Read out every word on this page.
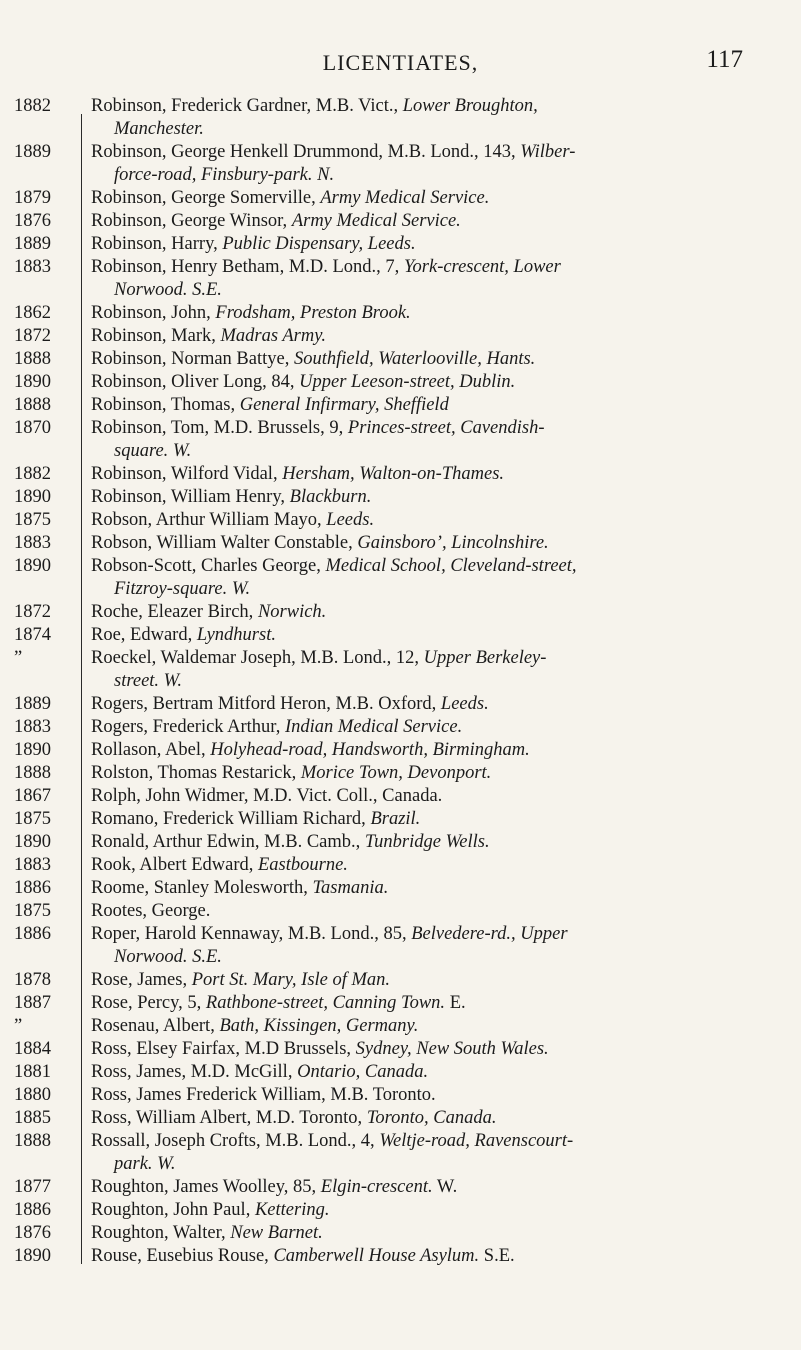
LICENTIATES,	117
1882	Robinson, Frederick Gardner, M.B. Vict., Lower Broughton,
Manchester.
1889	Robinson, George Henkell Drummond, M.B. Lond., 143, Wilber-
force-road, Finsbury-park. N.
1879	Robinson, George Somerville, Army Medical Service.
1876	Robinson, George Winsor, Army Medical Service.
1889	Robinson, Harry, Public Dispensary, Leeds.
1883	Robinson, Henry Betham, M.D. Lond., 7, York-crescent, Lower
Norwood. S.E.
1862	Robinson, John, Frodsham, Preston Brook.
1872	Robinson, Mark, Madras Army.
1888	Robinson, Norman Battye, Southfield, Waterlooville, Hants.
1890	Robinson, Oliver Long, 84, Upper Leeson-street, Dublin.
1888	Robinson, Thomas, General Infirmary, Sheffield
1870	Robinson, Tom, M.D. Brussels, 9, Princes-street, Cavendish-
square. W.
1882	Robinson, Wilford Vidal, Hersham, Walton-on-Thames.
1890	Robinson, William Henry, Blackburn.
1875	Robson, Arthur William Mayo, Leeds.
1883	Robson, William Walter Constable, Gainsboro’, Lincolnshire.
1890	Robson-Scott, Charles George, Medical School, Cleveland-street,
Fitzroy-square. W.
1872	Roche, Eleazer Birch, Norwich.
1874	Roe, Edward, Lyndhurst.
”	Roeckel, Waldemar Joseph, M.B. Lond., 12, Upper Berkeley-
street. W.
1889	Rogers, Bertram Mitford Heron, M.B. Oxford, Leeds.
1883	Rogers, Frederick Arthur, Indian Medical Service.
1890	Rollason, Abel, Holyhead-road, Handsworth, Birmingham.
1888	Rolston, Thomas Restarick, Morice Town, Devonport.
1867	Rolph, John Widmer, M.D. Vict. Coll., Canada.
1875	Romano, Frederick William Richard, Brazil.
1890	Ronald, Arthur Edwin, M.B. Camb., Tunbridge Wells.
1883	Rook, Albert Edward, Eastbourne.
1886	Roome, Stanley Molesworth, Tasmania.
1875	Rootes, George.
1886	Roper, Harold Kennaway, M.B. Lond., 85, Belvedere-rd., Upper
Norwood. S.E.
1878	Rose, James, Port St. Mary, Isle of Man.
1887	Rose, Percy, 5, Rathbone-street, Canning Town. E.
”	Rosenau, Albert, Bath, Kissingen, Germany.
1884	Ross, Elsey Fairfax, M.D Brussels, Sydney, New South Wales.
1881	Ross, James, M.D. McGill, Ontario, Canada.
1880	Ross, James Frederick William, M.B. Toronto.
1885	Ross, William Albert, M.D. Toronto, Toronto, Canada.
1888	Rossall, Joseph Crofts, M.B. Lond., 4, Weltje-road, Ravenscourt-
park. W.
1877	Roughton, James Woolley, 85, Elgin-crescent. W.
1886	Roughton, John Paul, Kettering.
1876	Roughton, Walter, New Barnet.
1890	Rouse, Eusebius Rouse, Camberwell House Asylum. S.E.
